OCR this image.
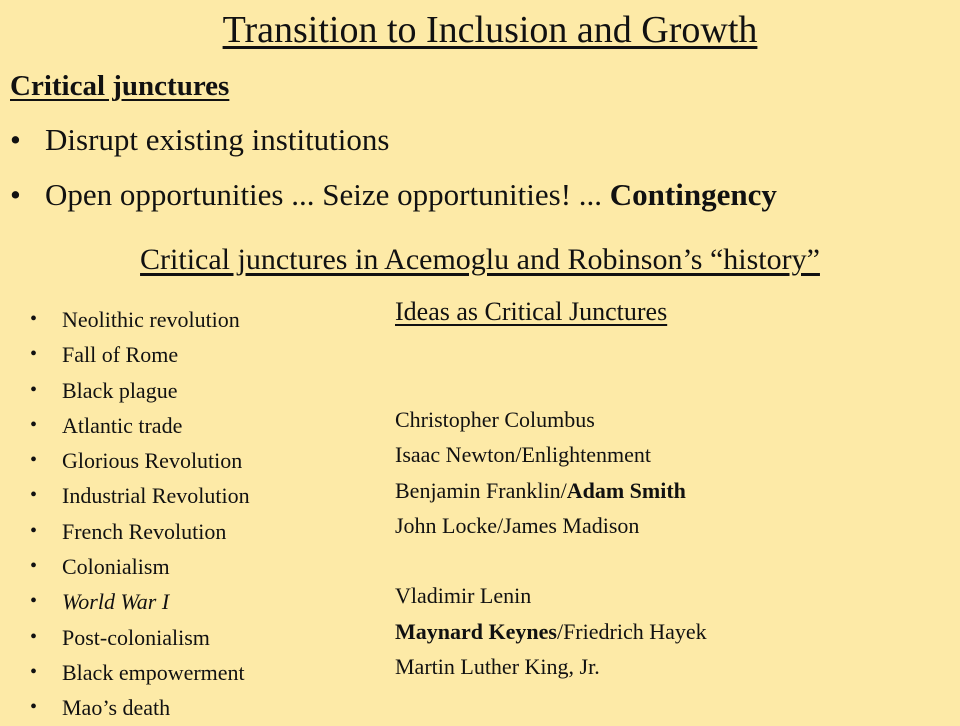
Transition to Inclusion and Growth
Critical junctures
• Disrupt existing institutions
• Open opportunities ... Seize opportunities! ... Contingency
Critical junctures in Acemoglu and Robinson’s “history”
• Neolithic revolution
• Fall of Rome
• Black plague
• Atlantic trade
• Glorious Revolution
• Industrial Revolution
• French Revolution
• Colonialism
• World War I
• Post-colonialism
• Black empowerment
• Mao’s death
Ideas as Critical Junctures
Christopher Columbus
Isaac Newton/Enlightenment
Benjamin Franklin/Adam Smith
John Locke/James Madison
Vladimir Lenin
Maynard Keynes/Friedrich Hayek
Martin Luther King, Jr.
